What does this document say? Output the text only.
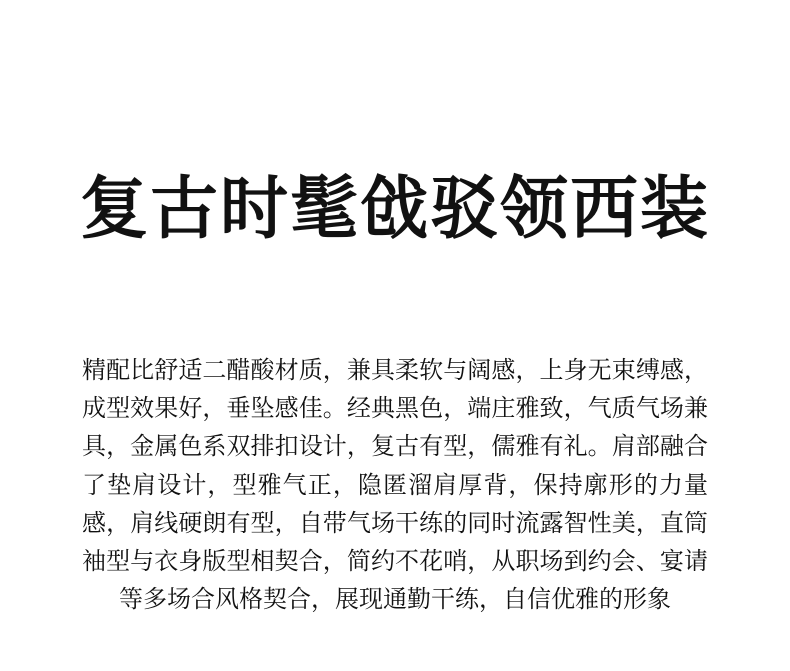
复古时髦戗驳领西装

精配比舒适二醋酸材质，兼具柔软与阔感，上身无束缚感，成型效果好，垂坠感佳。经典黑色，端庄雅致，气质气场兼具，金属色系双排扣设计，复古有型，儒雅有礼。肩部融合了垫肩设计，型雅气正，隐匿溜肩厚背，保持廓形的力量感，肩线硬朗有型，自带气场干练的同时流露智性美，直筒袖型与衣身版型相契合，简约不花哨，从职场到约会、宴请等多场合风格契合，展现通勤干练，自信优雅的形象
